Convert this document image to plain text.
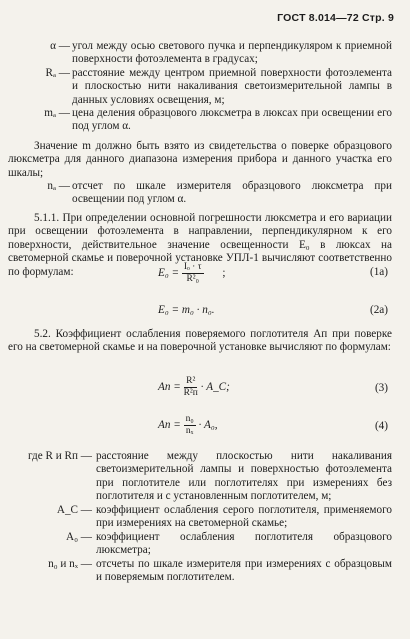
ГОСТ 8.014—72 Стр. 9
α — угол между осью светового пучка и перпендикуляром к приемной поверхности фотоэлемента в градусах;
Rₐ — расстояние между центром приемной поверхности фотоэлемента и плоскостью нити накаливания светоизмерительной лампы в данных условиях освещения, м;
mₐ — цена деления образцового люксметра в люксах при освещении его под углом α.
Значение m должно быть взято из свидетельства о поверке образцового люксметра для данного диапазона измерения прибора и данного участка его шкалы;
nₐ — отсчет по шкале измерителя образцового люксметра при освещении под углом α.
5.1.1. При определении основной погрешности люксметра и его вариации при освещении фотоэлемента в направлении, перпендикулярном к его поверхности, действительное значение освещенности E₀ в люксах на светомерной скамье и поверочной установке УПЛ-1 вычисляют соответственно по формулам:	$E_0 = \frac{\text{Iₒ · τ}}{\text{R²₀}}$ ;	(1a)
E₀ = m₀ · n₀.	(2a)
5.2. Коэффициент ослабления поверяемого поглотителя Aп при поверке его на светомерной скамье и на поверочной установке вычисляют по формулам:
Aп = $\frac{\text{R²}}{\text{R²п}}$ · A_C;	(3)
Aп = $\frac{\text{n₀}}{\text{nₓ}} \cdot A_0$,	(4)
где R и Rп — расстояние между плоскостью нити накаливания светоизмерительной лампы и поверхностью фотоэлемента при поглотителе или поглотителях при измерениях без поглотителя и с установленным поглотителем, м;
A_C — коэффициент ослабления серого поглотителя, применяемого при измерениях на светомерной скамье;
A₀ — коэффициент ослабления поглотителя образцового люксметра;
n₀ и nₓ — отсчеты по шкале измерителя при измерениях с образцовым и поверяемым поглотителем.
